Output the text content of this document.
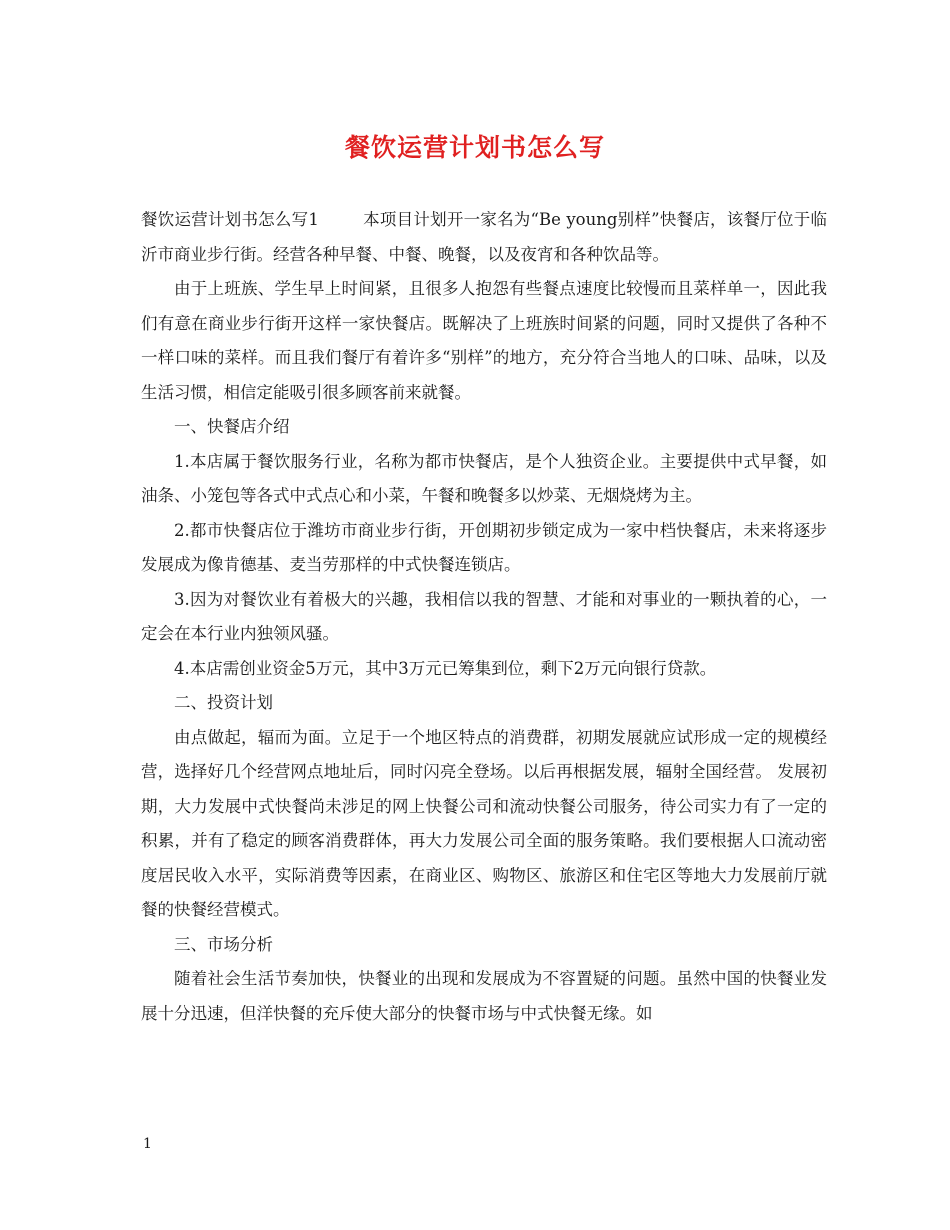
餐饮运营计划书怎么写

餐饮运营计划书怎么写1	本项目计划开一家名为“Be young别样”快餐店，该餐厅位于临沂市商业步行街。经营各种早餐、中餐、晚餐，以及夜宵和各种饮品等。

由于上班族、学生早上时间紧，且很多人抱怨有些餐点速度比较慢而且菜样单一，因此我们有意在商业步行街开这样一家快餐店。既解决了上班族时间紧的问题，同时又提供了各种不一样口味的菜样。而且我们餐厅有着许多“别样”的地方，充分符合当地人的口味、品味，以及生活习惯，相信定能吸引很多顾客前来就餐。

一、快餐店介绍

1.本店属于餐饮服务行业，名称为都市快餐店，是个人独资企业。主要提供中式早餐，如油条、小笼包等各式中式点心和小菜，午餐和晚餐多以炒菜、无烟烧烤为主。

2.都市快餐店位于潍坊市商业步行街，开创期初步锁定成为一家中档快餐店，未来将逐步发展成为像肯德基、麦当劳那样的中式快餐连锁店。

3.因为对餐饮业有着极大的兴趣，我相信以我的智慧、才能和对事业的一颗执着的心，一定会在本行业内独领风骚。

4.本店需创业资金5万元，其中3万元已筹集到位，剩下2万元向银行贷款。

二、投资计划

由点做起，辐而为面。立足于一个地区特点的消费群，初期发展就应试形成一定的规模经营，选择好几个经营网点地址后，同时闪亮全登场。以后再根据发展，辐射全国经营。 发展初期，大力发展中式快餐尚未涉足的网上快餐公司和流动快餐公司服务，待公司实力有了一定的积累，并有了稳定的顾客消费群体，再大力发展公司全面的服务策略。我们要根据人口流动密度居民收入水平，实际消费等因素，在商业区、购物区、旅游区和住宅区等地大力发展前厅就餐的快餐经营模式。

三、市场分析

随着社会生活节奏加快，快餐业的出现和发展成为不容置疑的问题。虽然中国的快餐业发展十分迅速，但洋快餐的充斥使大部分的快餐市场与中式快餐无缘。如

1
